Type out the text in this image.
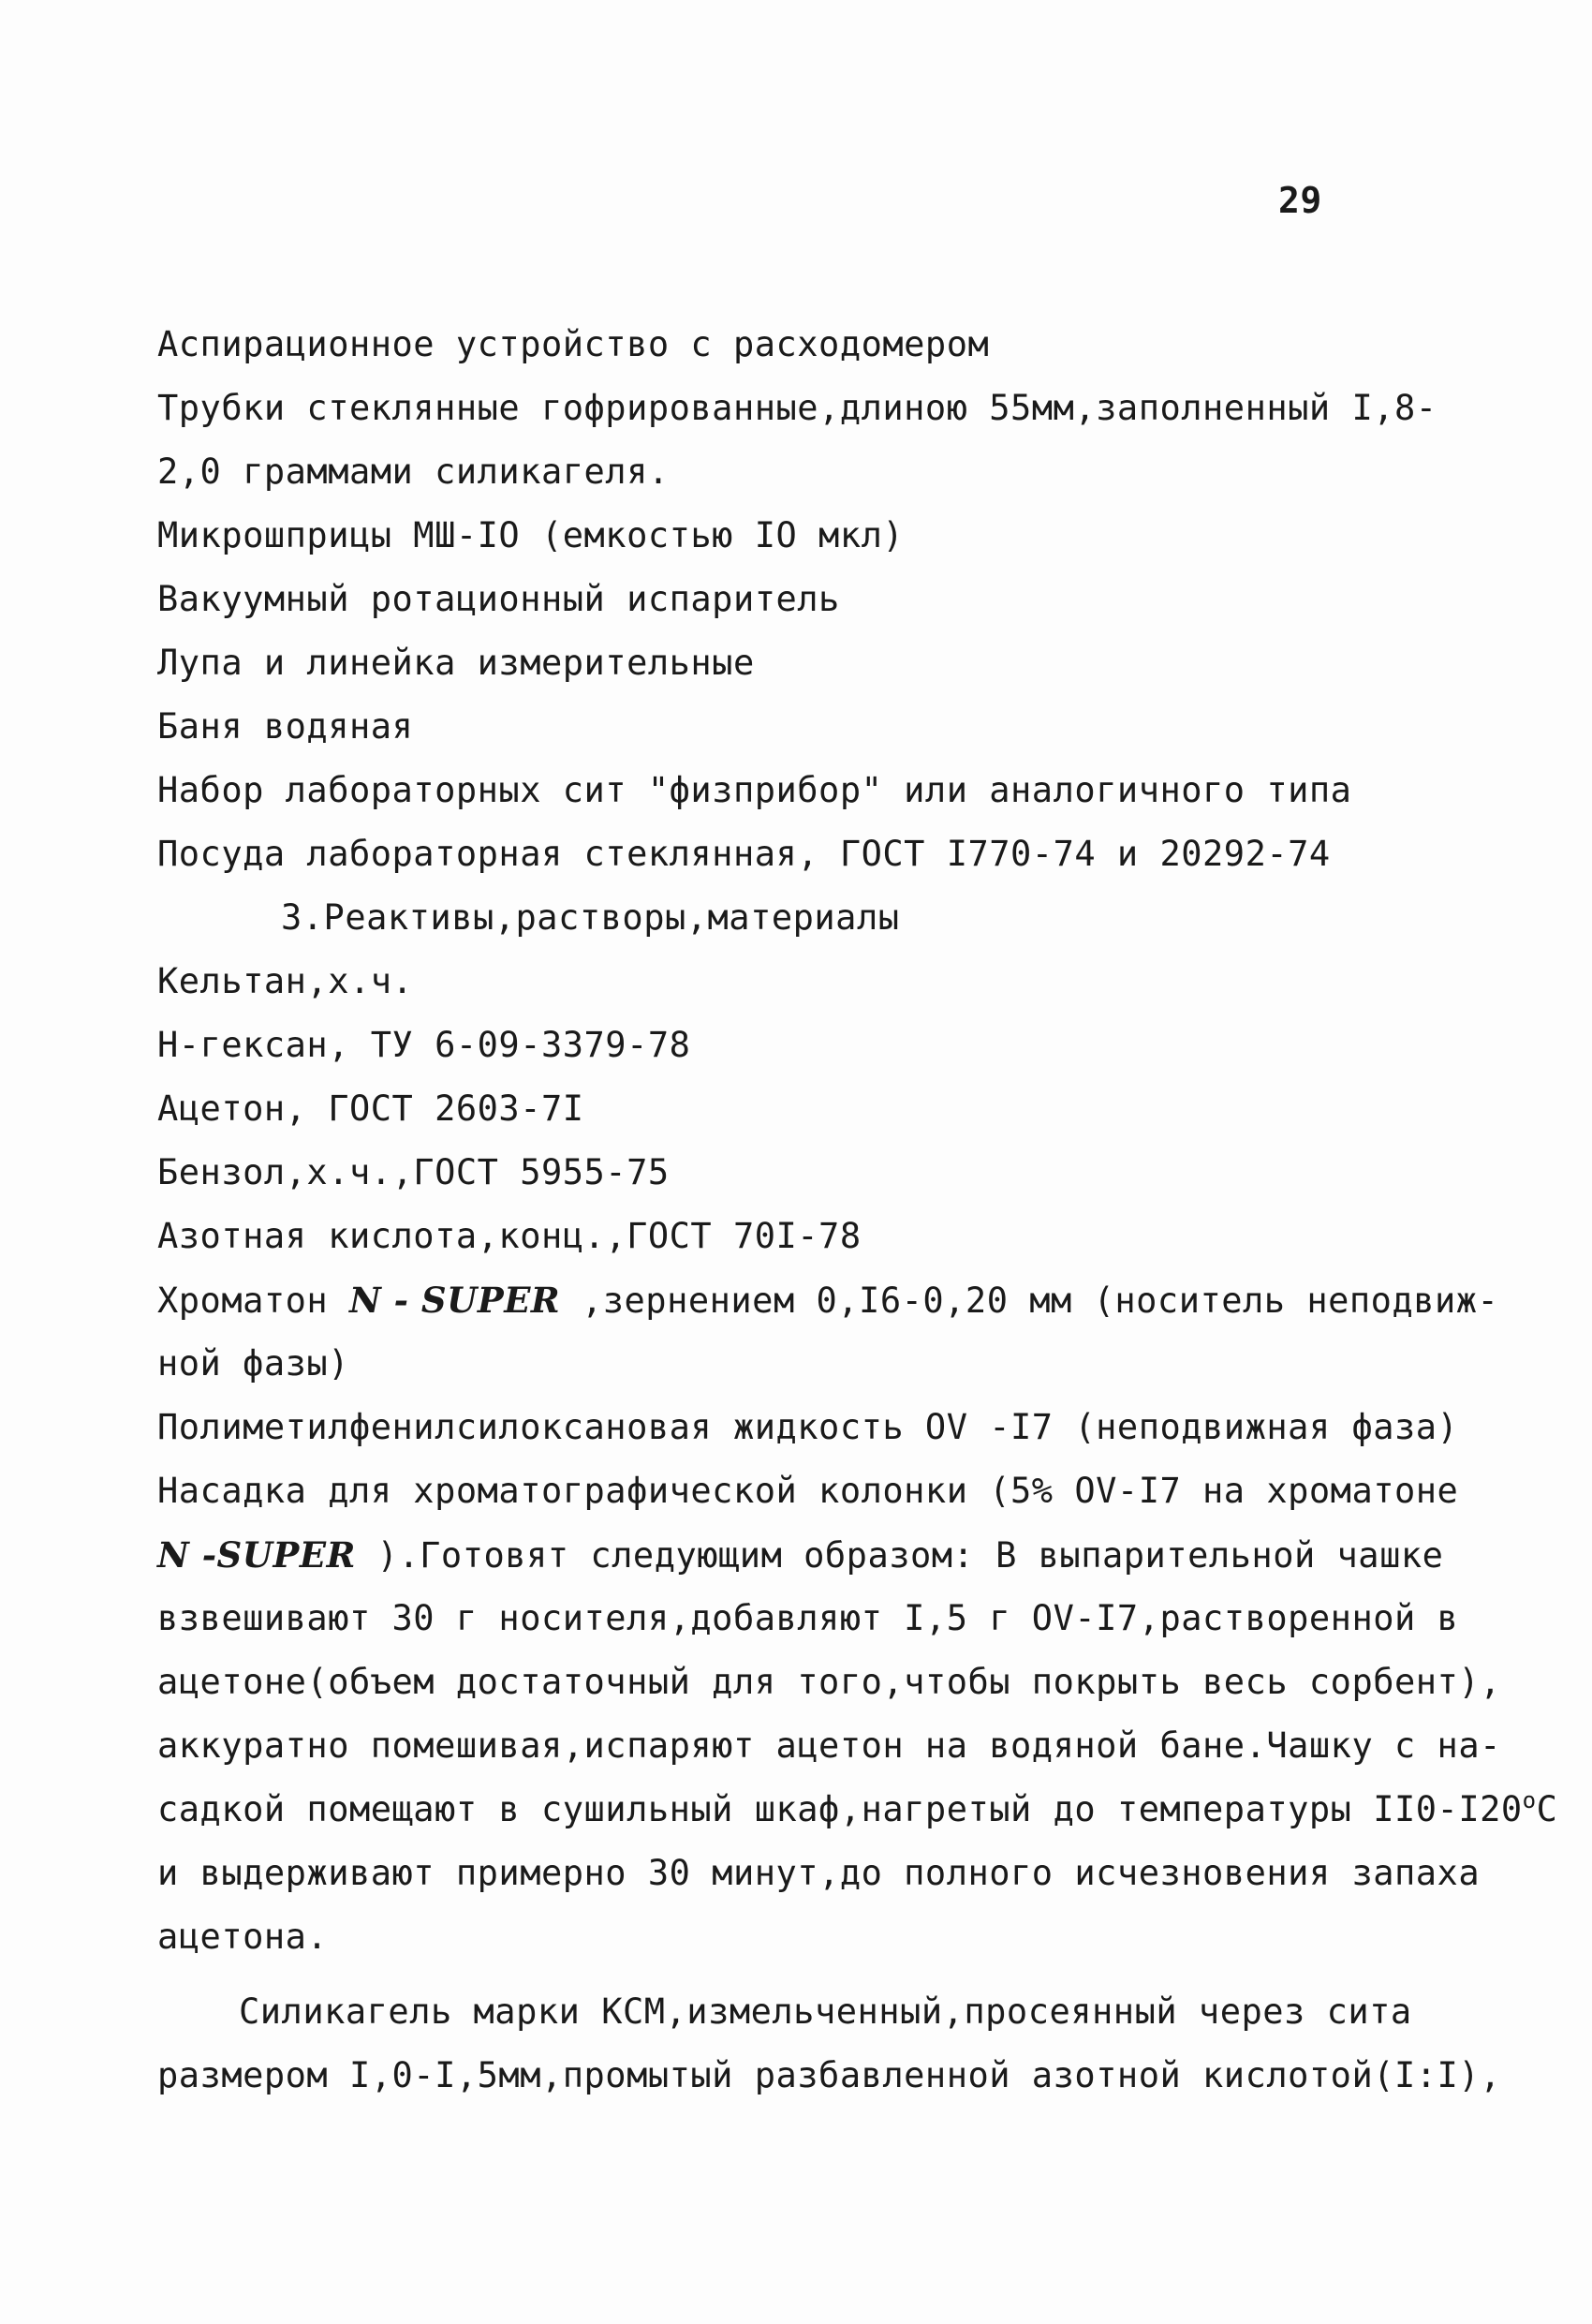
29
Аспирационное устройство с расходомером
Трубки стеклянные гофрированные,длиною 55мм,заполненный I,8-
2,0 граммами силикагеля.
Микрошприцы МШ-IO (емкостью IO мкл)
Вакуумный ротационный испаритель
Лупа и линейка измерительные
Баня водяная
Набор лабораторных сит "физприбор" или аналогичного типа
Посуда лабораторная стеклянная, ГОСТ I770-74 и 20292-74
3.Реактивы,растворы,материалы
Кельтан,х.ч.
Н-гексан, ТУ 6-09-3379-78
Ацетон, ГОСТ 2603-7I
Бензол,х.ч.,ГОСТ 5955-75
Азотная кислота,конц.,ГОСТ 70I-78
Хроматон N - SUPER ,зернением 0,I6-0,20 мм (носитель неподвиж-
ной фазы)
Полиметилфенилсилоксановая жидкость OV -I7 (неподвижная фаза)
Насадка для хроматографической колонки (5% OV-I7 на хроматоне
N -SUPER ).Готовят следующим образом: В выпарительной чашке
взвешивают 30 г носителя,добавляют I,5 г OV-I7,растворенной в
ацетоне(объем достаточный для того,чтобы покрыть весь сорбент),
аккуратно помешивая,испаряют ацетон на водяной бане.Чашку с на-
садкой помещают в сушильный шкаф,нагретый до температуры $II0-I20^оС$
и выдерживают примерно 30 минут,до полного исчезновения запаха
ацетона.
Силикагель марки КСМ,измельченный,просеянный через сита
размером I,0-I,5мм,промытый разбавленной азотной кислотой(I:I),
